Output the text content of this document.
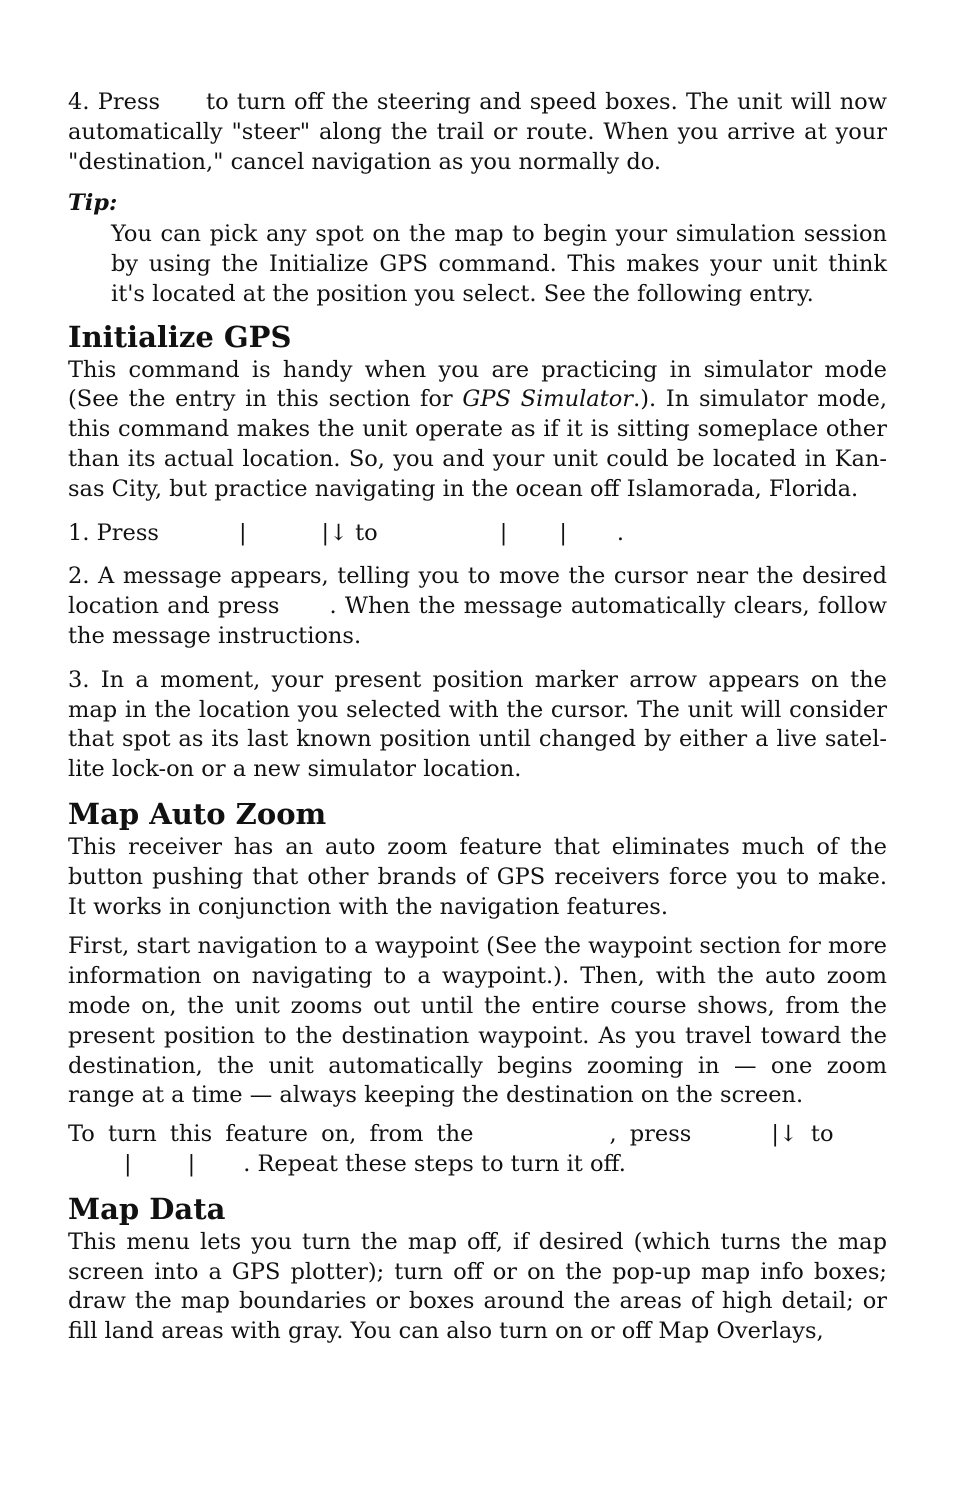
4. Press to turn off the steering and speed boxes. The unit will now automatically "steer" along the trail or route. When you arrive at your "destination," cancel navigation as you normally do.

Tip:

You can pick any spot on the map to begin your simulation session by using the Initialize GPS command. This makes your unit think it's located at the position you select. See the following entry.

Initialize GPS

This command is handy when you are practicing in simulator mode (See the entry in this section for GPS Simulator.). In simulator mode, this command makes the unit operate as if it is sitting someplace other than its actual location. So, you and your unit could be located in Kansas City, but practice navigating in the ocean off Islamorada, Florida.

1. Press	|	|↓ to	| | .

2. A message appears, telling you to move the cursor near the desired location and press . When the message automatically clears, follow the message instructions.

3. In a moment, your present position marker arrow appears on the map in the location you selected with the cursor. The unit will consider that spot as its last known position until changed by either a live satellite lock-on or a new simulator location.

Map Auto Zoom

This receiver has an auto zoom feature that eliminates much of the button pushing that other brands of GPS receivers force you to make. It works in conjunction with the navigation features.

First, start navigation to a waypoint (See the waypoint section for more information on navigating to a waypoint.). Then, with the auto zoom mode on, the unit zooms out until the entire course shows, from the present position to the destination waypoint. As you travel toward the destination, the unit automatically begins zooming in — one zoom range at a time — always keeping the destination on the screen.

To turn this feature on, from the	, press	|↓ to
| | . Repeat these steps to turn it off.

Map Data

This menu lets you turn the map off, if desired (which turns the map screen into a GPS plotter); turn off or on the pop-up map info boxes; draw the map boundaries or boxes around the areas of high detail; or fill land areas with gray. You can also turn on or off Map Overlays,
